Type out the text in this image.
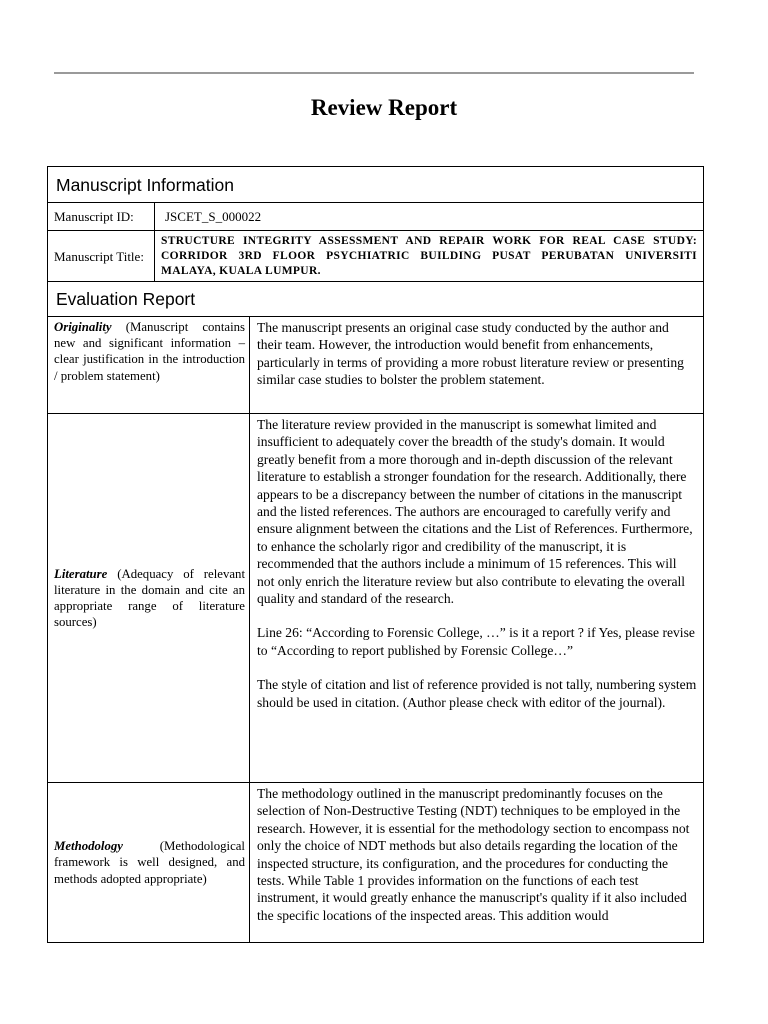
Review Report
Manuscript Information		
Manuscript ID:	JSCET_S_000022	
Manuscript Title:	STRUCTURE INTEGRITY ASSESSMENT AND REPAIR WORK FOR REAL CASE STUDY: CORRIDOR 3RD FLOOR PSYCHIATRIC BUILDING PUSAT PERUBATAN UNIVERSITI MALAYA, KUALA LUMPUR.	
Evaluation Report		
Originality (Manuscript contains new and significant information – clear justification in the introduction / problem statement)		The manuscript presents an original case study conducted by the author and their team. However, the introduction would benefit from enhancements, particularly in terms of providing a more robust literature review or presenting similar case studies to bolster the problem statement.

Literature (Adequacy of relevant literature in the domain and cite an appropriate range of literature sources)		The literature review provided in the manuscript is somewhat limited and insufficient to adequately cover the breadth of the study's domain. It would greatly benefit from a more thorough and in-depth discussion of the relevant literature to establish a stronger foundation for the research. Additionally, there appears to be a discrepancy between the number of citations in the manuscript and the listed references. The authors are encouraged to carefully verify and ensure alignment between the citations and the List of References. Furthermore, to enhance the scholarly rigor and credibility of the manuscript, it is recommended that the authors include a minimum of 15 references. This will not only enrich the literature review but also contribute to elevating the overall quality and standard of the research.

Line 26: “According to Forensic College, …” is it a report ? if Yes, please revise to “According to report published by Forensic College…”

The style of citation and list of reference provided is not tally, numbering system should be used in citation. (Author please check with editor of the journal).

Methodology (Methodological framework is well designed, and methods adopted appropriate)		The methodology outlined in the manuscript predominantly focuses on the selection of Non-Destructive Testing (NDT) techniques to be employed in the research. However, it is essential for the methodology section to encompass not only the choice of NDT methods but also details regarding the location of the inspected structure, its configuration, and the procedures for conducting the tests. While Table 1 provides information on the functions of each test instrument, it would greatly enhance the manuscript's quality if it also included the specific locations of the inspected areas. This addition would
